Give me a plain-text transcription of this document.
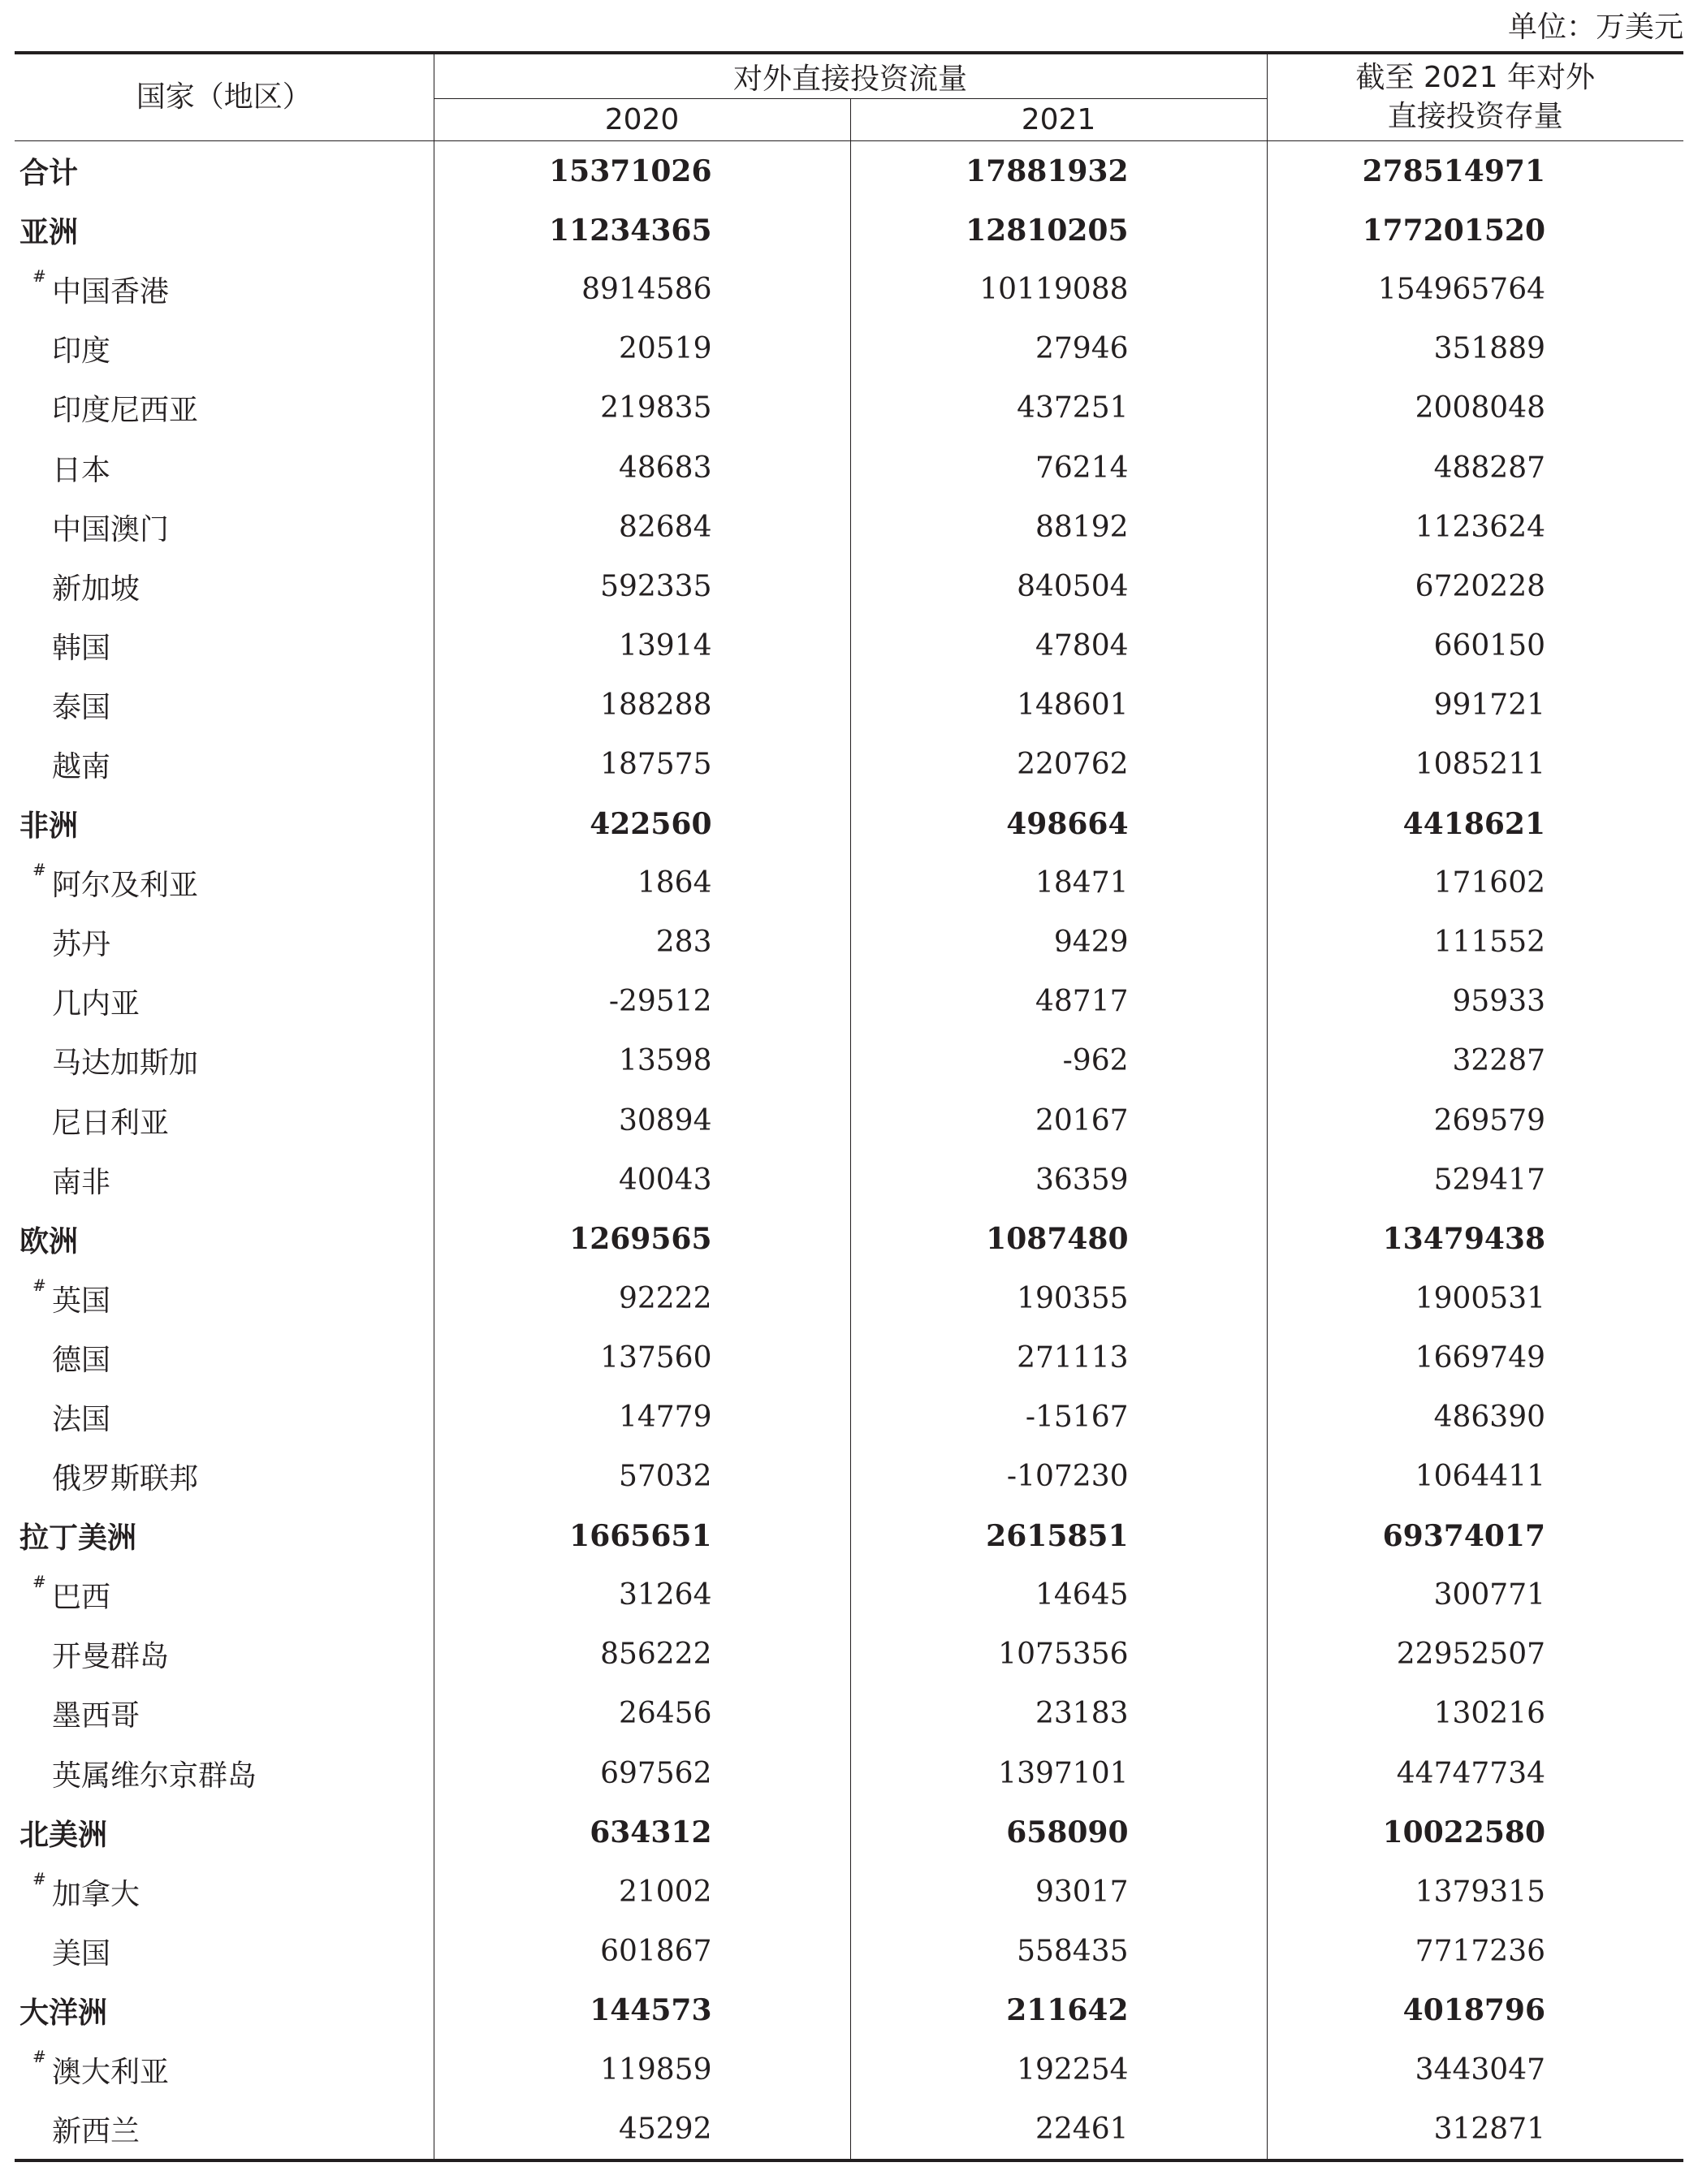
单位：万美元
国家（地区）	对外直接投资流量		截至 2021 年对外
直接投资存量

	2020	2021	
合计	15371026	17881932	278514971
亚洲	11234365	12810205	177201520

# 中国香港	8914586	10119088	154965764
印度	20519	27946	351889
印度尼西亚	219835	437251	2008048
日本	48683	76214	488287
中国澳门	82684	88192	1123624
新加坡	592335	840504	6720228
韩国	13914	47804	660150
泰国	188288	148601	991721
越南	187575	220762	1085211
非洲	422560	498664	4418621

# 阿尔及利亚	1864	18471	171602
苏丹	283	9429	111552
几内亚	-29512	48717	95933
马达加斯加	13598	-962	32287
尼日利亚	30894	20167	269579
南非	40043	36359	529417
欧洲	1269565	1087480	13479438

# 英国	92222	190355	1900531
德国	137560	271113	1669749
法国	14779	-15167	486390
俄罗斯联邦	57032	-107230	1064411
拉丁美洲	1665651	2615851	69374017

# 巴西	31264	14645	300771
开曼群岛	856222	1075356	22952507
墨西哥	26456	23183	130216
英属维尔京群岛	697562	1397101	44747734
北美洲	634312	658090	10022580

# 加拿大	21002	93017	1379315
美国	601867	558435	7717236
大洋洲	144573	211642	4018796

# 澳大利亚	119859	192254	3443047
新西兰	45292	22461	312871
